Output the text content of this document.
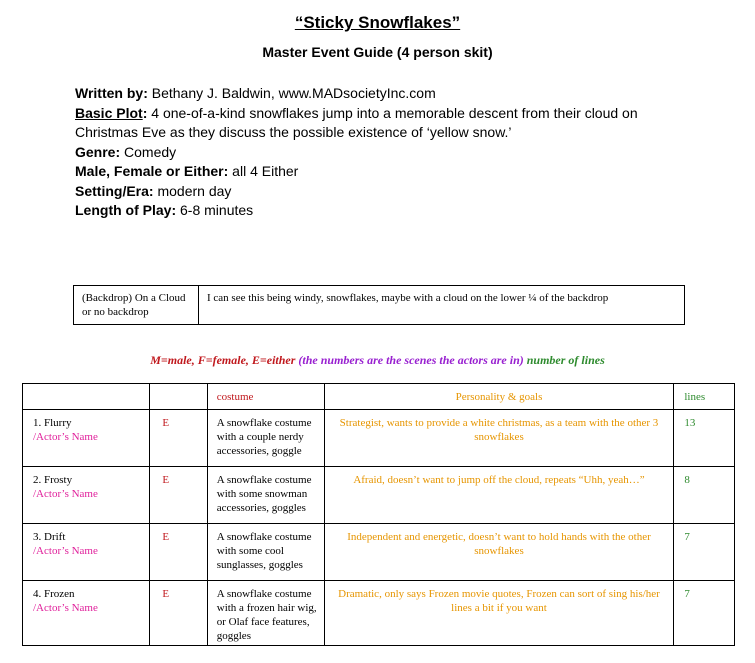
“Sticky Snowflakes”
Master Event Guide (4 person skit)

Written by: Bethany J. Baldwin, www.MADsocietyInc.com

Basic Plot: 4 one-of-a-kind snowflakes jump into a memorable descent from their cloud on Christmas Eve as they discuss the possible existence of ‘yellow snow.’

Genre: Comedy

Male, Female or Either: all 4 Either

Setting/Era: modern day

Length of Play: 6-8 minutes

(Backdrop) On a Cloud or no backdrop	I can see this being windy, snowflakes, maybe with a cloud on the lower ¼ of the backdrop
M=male, F=female, E=either (the numbers are the scenes the actors are in) number of lines
		costume	Personality & goals	lines

1. Flurry
/Actor’s Name	E	A snowflake costume with a couple nerdy accessories, goggle	Strategist, wants to provide a white christmas, as a team with the other 3 snowflakes	13

2. Frosty
/Actor’s Name	E	A snowflake costume with some snowman accessories, goggles	Afraid, doesn’t want to jump off the cloud, repeats “Uhh, yeah…”	8

3. Drift
/Actor’s Name	E	A snowflake costume with some cool sunglasses, goggles	Independent and energetic, doesn’t want to hold hands with the other snowflakes	7

4. Frozen
/Actor’s Name	E	A snowflake costume with a frozen hair wig, or Olaf face features, goggles	Dramatic, only says Frozen movie quotes, Frozen can sort of sing his/her lines a bit if you want	7
